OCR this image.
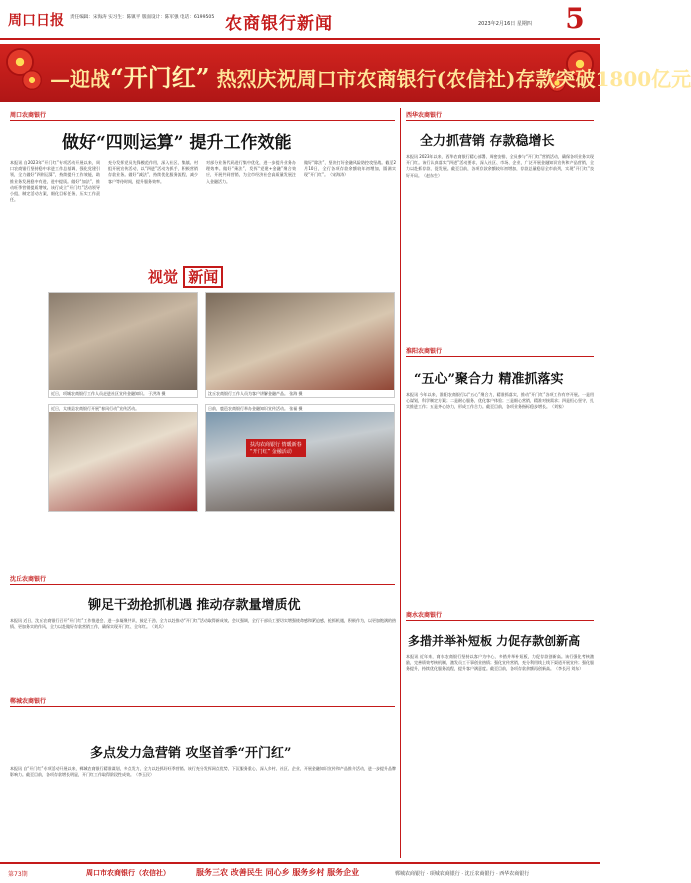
周口日报 责任编辑：宋海涛 实习生：陈镇平 版面设计：陈军强 电话：6199505 农商银行新闻	2023年2月16日 星期四 5
—迎战“开门红” 热烈庆祝周口市农商银行(农信社)存款突破1800亿元
周口农商银行
做好“四则运算” 提升工作效能
本报讯 自2023年“开门红”专项活动开展以来，周口农商银行坚持稳中求进工作总基调，强化党建引领，全力做好“四则运算”，持续提升工作效能，助推业务发展稳中有进、进中提质。做好“加法”，推动旺季营销提质增效。该行成立“开门红”活动领导小组，制定活动方案，细化目标任务，压实工作责任。
充分发挥党员先锋模范作用，深入社区、集镇、村组开展宣传活动，以“四进”活动为抓手，积极营销存款业务。做好“减法”，持续优化服务流程，减少客户等待时间，提升服务效率。
对部分业务代码进行集中优化，进一步提升业务办理效率。做好“乘法”，发挥“党建+金融”聚合效应，开展共同营销，为全市经济社会高质量发展注入金融活力。
做好“除法”，坚决打好金融风险防控攻坚战。截至2月10日，全行各项存款余额较年初增加，圆满实现“开门红”。（宋海涛）
视觉 新闻
近日，项城农商银行工作人员走进社区宣传金融知识。 于洪涛 摄	沈丘农商银行工作人员为客户讲解金融产品。 张海 摄
近日，太康县农商银行开展“春风行动”宣传活动。	日前，鹿邑农商银行举办金融知识宣传活动。 张福 摄
扶沟农商银行 情暖新春
“开门红” 金融活动
沈丘农商银行
铆足干劲抢抓机遇 推动存款量增质优
本报讯 近日，沈丘农商银行召开“开门红”工作推进会，进一步凝聚共识、鼓足干劲，全力以赴推动“开门红”活动取得新成效。会议强调，全行干部员工要切实增强使命感和紧迫感，抢抓机遇，积极作为，以更加饱满的热情、更加务实的作风，全力以赴做好存款营销工作，确保实现开门红、全年红。（刘兵）
郸城农商银行
多点发力急营销 攻坚首季“开门红”
本报讯 自“开门红”专项活动开展以来，郸城农商银行精准谋划，多点发力，全力以赴抓好旺季营销。该行充分发挥网点优势，下沉服务重心，深入乡村、社区、企业，开展金融知识宣传和产品推介活动，进一步提升品牌影响力。截至目前，各项存款增长明显，开门红工作取得阶段性成效。（李玉民）
西华农商银行
全力抓营销 存款稳增长
本报讯 2023年以来，西华农商银行精心部署、周密安排，全员参与“开门红”营销活动，确保各项业务实现开门红。该行认真落实“四进”活动要求，深入社区、市场、企业，广泛开展金融知识宣传和产品营销，全力以赴抓存款、促发展。截至目前，各项存款余额较年初增加，存款总量稳居全市前列，实现“开门红”良好开局。（赵东生）
淮阳农商银行
“五心”聚合力 精准抓落实
本报讯 今年以来，淮阳农商银行以“五心”聚合力，精准抓落实，推动“开门红”各项工作有序开展。一是用心谋划，科学制定方案；二是耐心服务，优化客户体验；三是细心营销，精准对接需求；四是恒心坚守，扎实推进工作；五是齐心协力，形成工作合力。截至目前，各项业务指标稳步增长。（刘家）
商水农商银行
多措并举补短板 力促存款创新高
本报讯 近年来，商水农商银行坚持以客户为中心，多措并举补短板，力促存款创新高。该行强化考核激励，完善绩效考核机制，激发员工干事创业热情；强化宣传营销，充分利用线上线下渠道开展宣传；强化服务提升，持续优化服务流程，提升客户满意度。截至目前，各项存款余额再创新高。（李长河 刘东）
第73期	周口市农商银行（农信社）	服务三农 改善民生 同心乡 服务乡村 服务企业	郸城农商银行 · 项城农商银行 · 沈丘农商银行 · 西华农商银行
